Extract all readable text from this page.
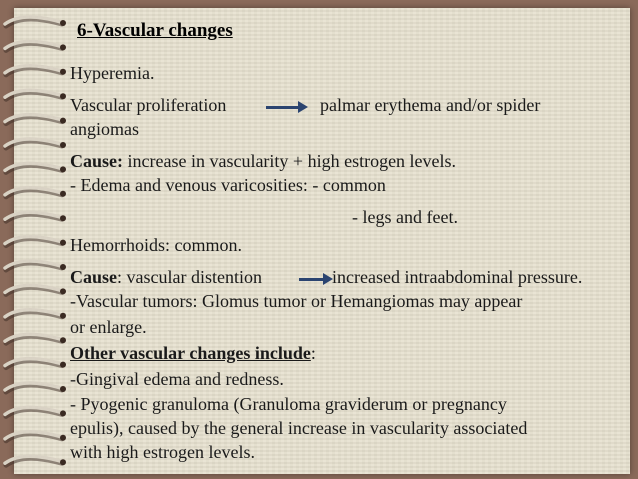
6-Vascular changes
Hyperemia.
Vascular proliferation	palmar erythema and/or spider
angiomas
Cause: increase in vascularity + high estrogen levels.
- Edema and venous varicosities: - common
- legs and feet.
Hemorrhoids: common.
Cause: vascular distention	increased intraabdominal pressure.
-Vascular tumors: Glomus tumor or Hemangiomas may appear
or enlarge.
Other vascular changes include:
-Gingival edema and redness.
- Pyogenic granuloma (Granuloma graviderum or pregnancy
epulis), caused by the general increase in vascularity associated
with high estrogen levels.
